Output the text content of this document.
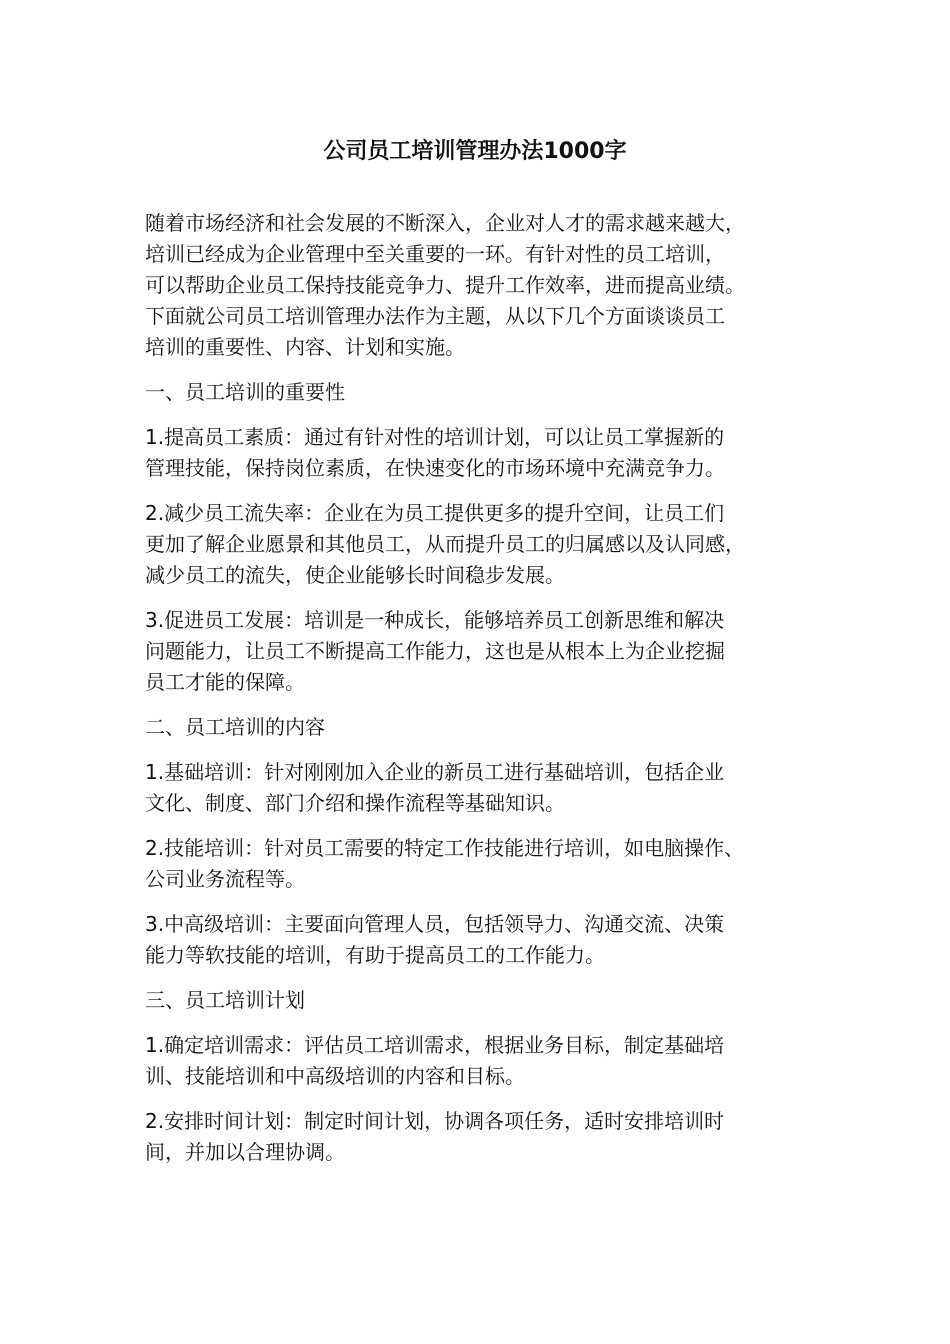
公司员工培训管理办法1000字

随着市场经济和社会发展的不断深入，企业对人才的需求越来越大，
培训已经成为企业管理中至关重要的一环。有针对性的员工培训，
可以帮助企业员工保持技能竞争力、提升工作效率，进而提高业绩。
下面就公司员工培训管理办法作为主题，从以下几个方面谈谈员工
培训的重要性、内容、计划和实施。

一、员工培训的重要性

1.提高员工素质：通过有针对性的培训计划，可以让员工掌握新的
管理技能，保持岗位素质，在快速变化的市场环境中充满竞争力。

2.减少员工流失率：企业在为员工提供更多的提升空间，让员工们
更加了解企业愿景和其他员工，从而提升员工的归属感以及认同感，
减少员工的流失，使企业能够长时间稳步发展。

3.促进员工发展：培训是一种成长，能够培养员工创新思维和解决
问题能力，让员工不断提高工作能力，这也是从根本上为企业挖掘
员工才能的保障。

二、员工培训的内容

1.基础培训：针对刚刚加入企业的新员工进行基础培训，包括企业
文化、制度、部门介绍和操作流程等基础知识。

2.技能培训：针对员工需要的特定工作技能进行培训，如电脑操作、
公司业务流程等。

3.中高级培训：主要面向管理人员，包括领导力、沟通交流、决策
能力等软技能的培训，有助于提高员工的工作能力。

三、员工培训计划

1.确定培训需求：评估员工培训需求，根据业务目标，制定基础培
训、技能培训和中高级培训的内容和目标。

2.安排时间计划：制定时间计划，协调各项任务，适时安排培训时
间，并加以合理协调。
